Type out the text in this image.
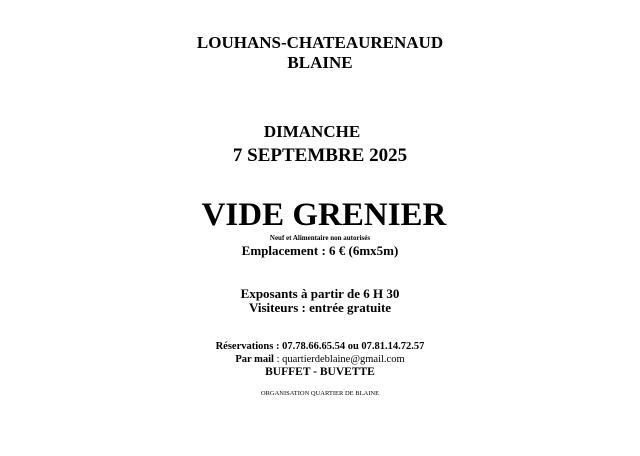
LOUHANS-CHATEAURENAUD
BLAINE
DIMANCHE
7 SEPTEMBRE 2025
VIDE GRENIER
Neuf et Alimentaire non autorisés
Emplacement : 6 € (6mx5m)
Exposants à partir de 6 H 30
Visiteurs : entrée gratuite
Réservations : 07.78.66.65.54 ou 07.81.14.72.57
Par mail : quartierdeblaine@gmail.com
BUFFET - BUVETTE
ORGANISATION QUARTIER DE BLAINE
